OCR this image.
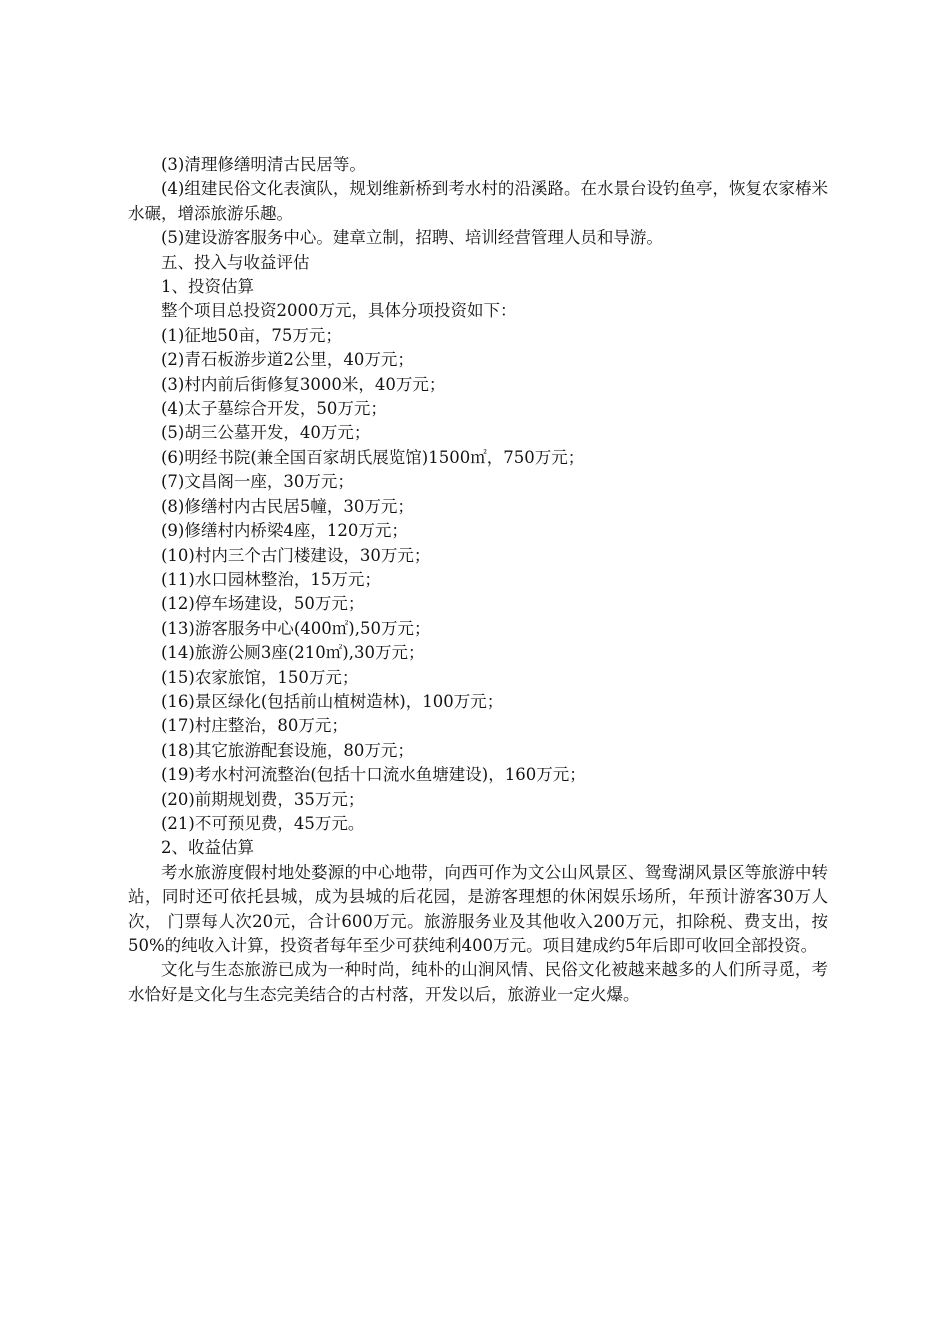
(3)清理修缮明清古民居等。

(4)组建民俗文化表演队，规划维新桥到考水村的沿溪路。在水景台设钓鱼亭，恢复农家椿米水碾，增添旅游乐趣。

(5)建设游客服务中心。建章立制，招聘、培训经营管理人员和导游。

五、投入与收益评估

1、投资估算

整个项目总投资2000万元，具体分项投资如下：

(1)征地50亩，75万元；

(2)青石板游步道2公里，40万元；

(3)村内前后街修复3000米，40万元；

(4)太子墓综合开发，50万元；

(5)胡三公墓开发，40万元；

(6)明经书院(兼全国百家胡氏展览馆)1500㎡，750万元；

(7)文昌阁一座，30万元；

(8)修缮村内古民居5幢，30万元；

(9)修缮村内桥梁4座，120万元；

(10)村内三个古门楼建设，30万元；

(11)水口园林整治，15万元；

(12)停车场建设，50万元；

(13)游客服务中心(400㎡),50万元；

(14)旅游公厕3座(210㎡),30万元；

(15)农家旅馆，150万元；

(16)景区绿化(包括前山植树造林)，100万元；

(17)村庄整治，80万元；

(18)其它旅游配套设施，80万元；

(19)考水村河流整治(包括十口流水鱼塘建设)，160万元；

(20)前期规划费，35万元；

(21)不可预见费，45万元。

2、收益估算

考水旅游度假村地处婺源的中心地带，向西可作为文公山风景区、鸳鸯湖风景区等旅游中转站，同时还可依托县城，成为县城的后花园，是游客理想的休闲娱乐场所，年预计游客30万人次， 门票每人次20元，合计600万元。旅游服务业及其他收入200万元，扣除税、费支出，按50%的纯收入计算，投资者每年至少可获纯利400万元。项目建成约5年后即可收回全部投资。

文化与生态旅游已成为一种时尚，纯朴的山涧风情、民俗文化被越来越多的人们所寻觅，考水恰好是文化与生态完美结合的古村落，开发以后，旅游业一定火爆。
